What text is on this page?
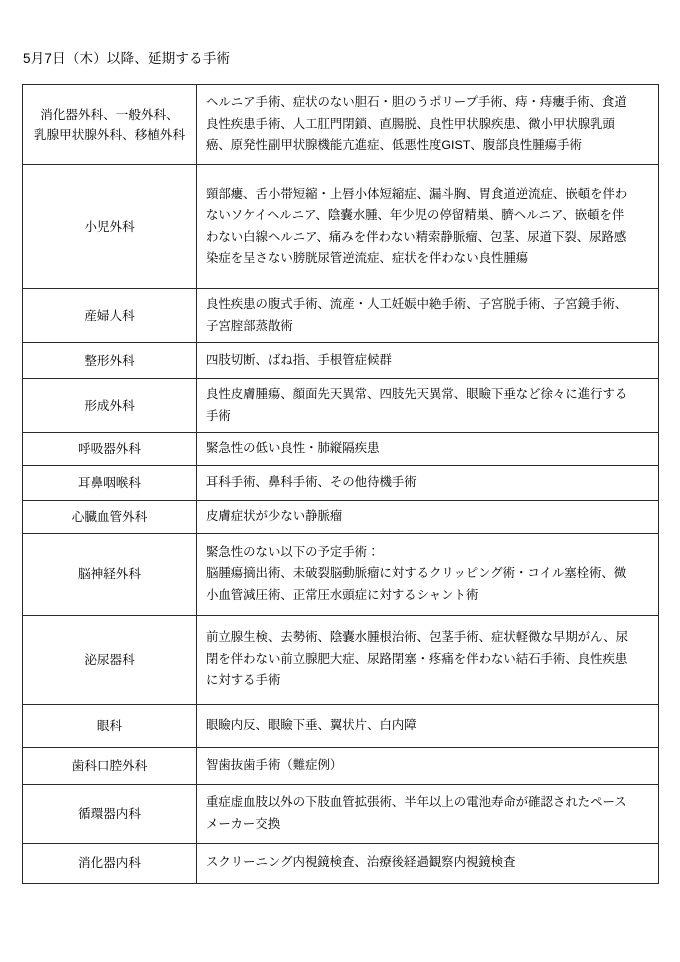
5月7日（木）以降、延期する手術
消化器外科、一般外科、
乳腺甲状腺外科、移植外科	ヘルニア手術、症状のない胆石・胆のうポリープ手術、痔・痔瘻手術、食道
良性疾患手術、人工肛門閉鎖、直腸脱、良性甲状腺疾患、微小甲状腺乳頭
癌、原発性副甲状腺機能亢進症、低悪性度GIST、腹部良性腫瘍手術

小児外科	頸部瘻、舌小帯短縮・上唇小体短縮症、漏斗胸、胃食道逆流症、嵌頓を伴わ
ないソケイヘルニア、陰嚢水腫、年少児の停留精巣、臍ヘルニア、嵌頓を伴
わない白線ヘルニア、痛みを伴わない精索静脈瘤、包茎、尿道下裂、尿路感
染症を呈さない膀胱尿管逆流症、症状を伴わない良性腫瘍

産婦人科	良性疾患の腹式手術、流産・人工妊娠中絶手術、子宮脱手術、子宮鏡手術、
子宮腟部蒸散術

整形外科	四肢切断、ばね指、手根管症候群

形成外科	良性皮膚腫瘍、顔面先天異常、四肢先天異常、眼瞼下垂など徐々に進行する
手術

呼吸器外科	緊急性の低い良性・肺縦隔疾患

耳鼻咽喉科	耳科手術、鼻科手術、その他待機手術

心臓血管外科	皮膚症状が少ない静脈瘤

脳神経外科	緊急性のない以下の予定手術：
脳腫瘍摘出術、未破裂脳動脈瘤に対するクリッピング術・コイル塞栓術、微
小血管減圧術、正常圧水頭症に対するシャント術

泌尿器科	前立腺生検、去勢術、陰嚢水腫根治術、包茎手術、症状軽微な早期がん、尿
閉を伴わない前立腺肥大症、尿路閉塞・疼痛を伴わない結石手術、良性疾患
に対する手術

眼科	眼瞼内反、眼瞼下垂、翼状片、白内障

歯科口腔外科	智歯抜歯手術（難症例）

循環器内科	重症虚血肢以外の下肢血管拡張術、半年以上の電池寿命が確認されたペース
メーカー交換

消化器内科	スクリーニング内視鏡検査、治療後経過観察内視鏡検査
